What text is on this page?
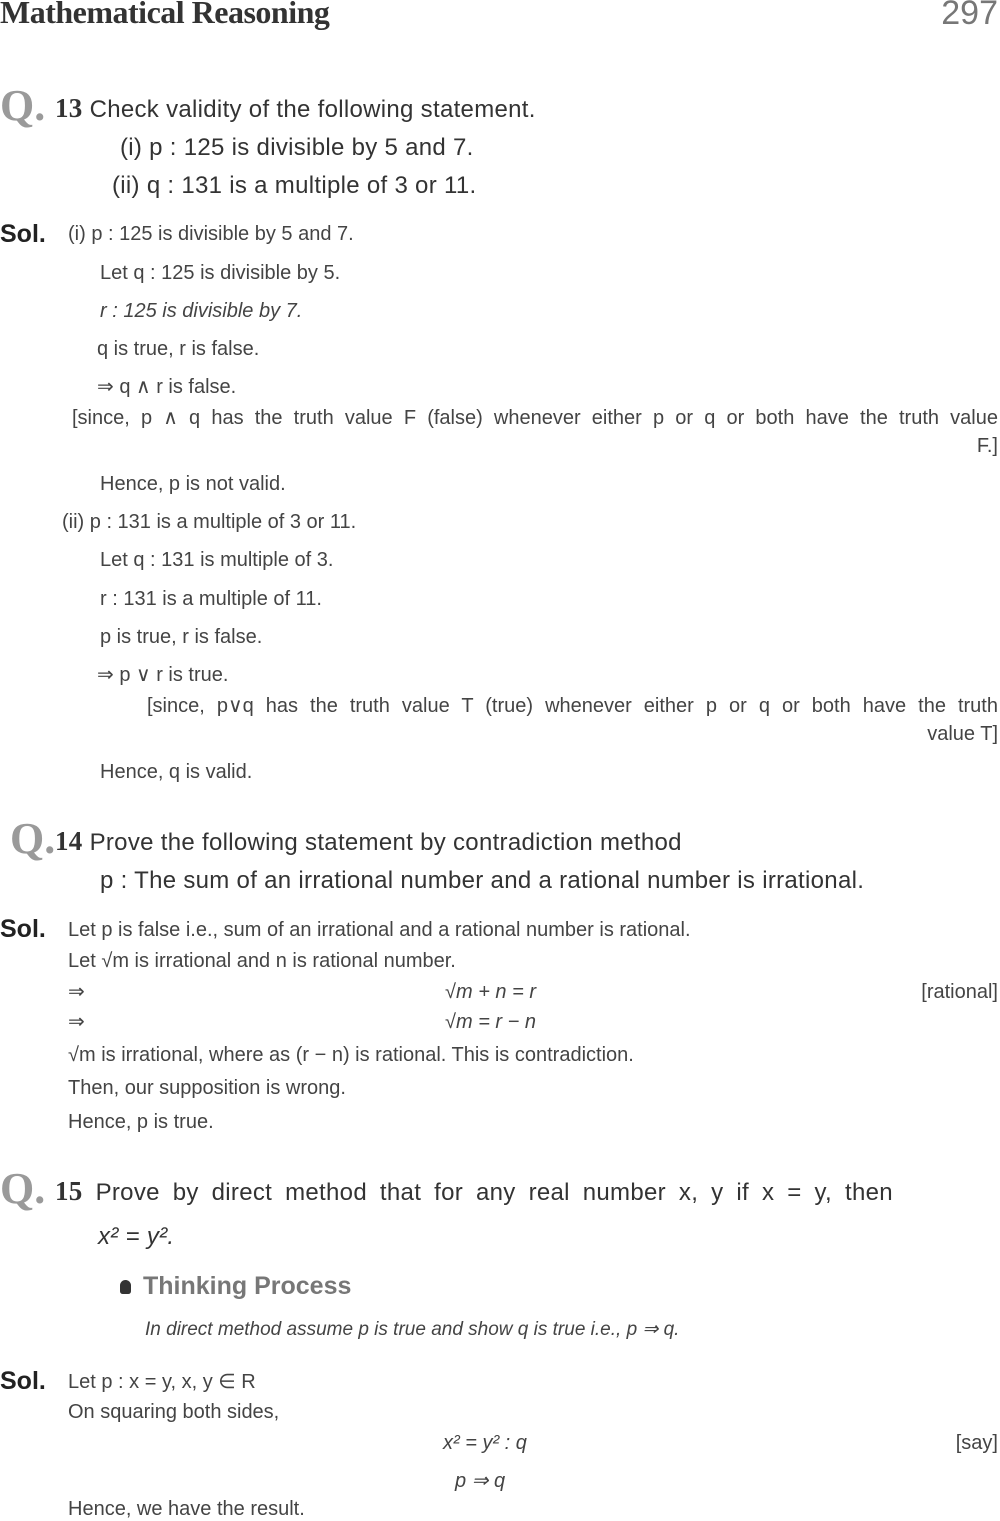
Mathematical Reasoning	297
Q. 13 Check validity of the following statement.
(i) p : 125 is divisible by 5 and 7.
(ii) q : 131 is a multiple of 3 or 11.
Sol. (i) p : 125 is divisible by 5 and 7.
Let q : 125 is divisible by 5.
r : 125 is divisible by 7.
q is true, r is false.
⇒ q ∧ r is false.
[since, p ∧ q has the truth value F (false) whenever either p or q or both have the truth value
F.]
Hence, p is not valid.
(ii) p : 131 is a multiple of 3 or 11.
Let q : 131 is multiple of 3.
r : 131 is a multiple of 11.
p is true, r is false.
⇒ p ∨ r is true.
[since, p∨q has the truth value T (true) whenever either p or q or both have the truth
value T]
Hence, q is valid.
Q. 14 Prove the following statement by contradiction method
p : The sum of an irrational number and a rational number is irrational.
Sol. Let p is false i.e., sum of an irrational and a rational number is rational.
Let √m is irrational and n is rational number.
⇒	√m + n = r	[rational]
⇒	√m = r − n
√m is irrational, where as (r − n) is rational. This is contradiction.
Then, our supposition is wrong.
Hence, p is true.
Q. 15 Prove by direct method that for any real number x, y if x = y, then
x² = y².
Thinking Process
In direct method assume p is true and show q is true i.e., p ⇒ q.
Sol. Let p : x = y, x, y ∈ R
On squaring both sides,
x² = y² : q	[say]
p ⇒ q
Hence, we have the result.
